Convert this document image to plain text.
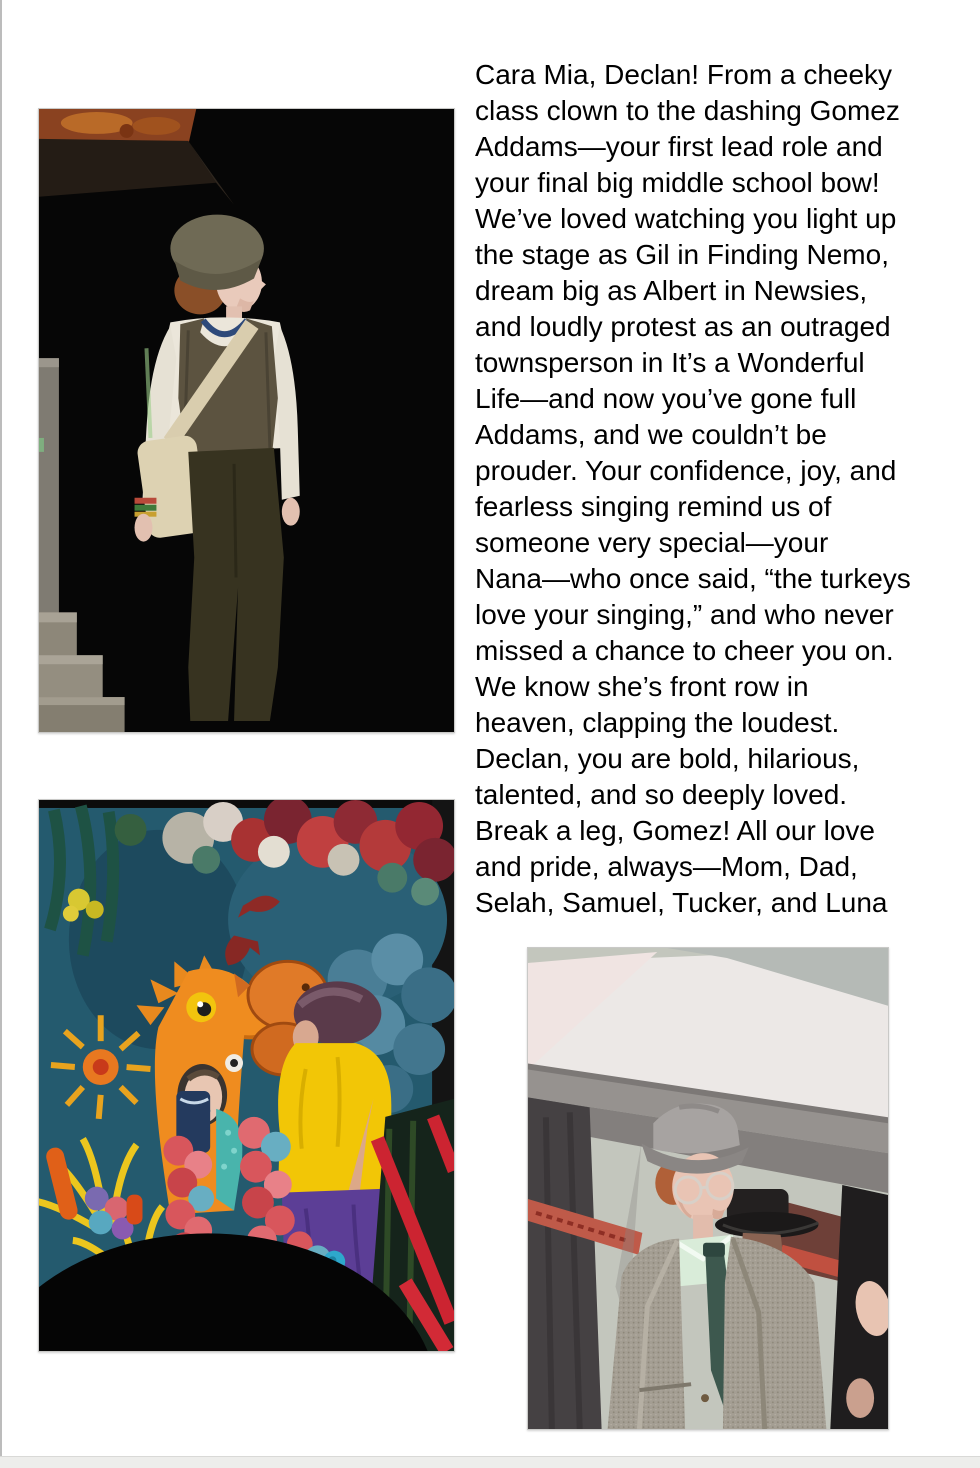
Cara Mia, Declan! From a cheeky
class clown to the dashing Gomez
Addams—your first lead role and
your final big middle school bow!
We’ve loved watching you light up
the stage as Gil in Finding Nemo,
dream big as Albert in Newsies,
and loudly protest as an outraged
townsperson in It’s a Wonderful
Life—and now you’ve gone full
Addams, and we couldn’t be
prouder. Your confidence, joy, and
fearless singing remind us of
someone very special—your
Nana—who once said, “the turkeys
love your singing,” and who never
missed a chance to cheer you on.
We know she’s front row in
heaven, clapping the loudest.
Declan, you are bold, hilarious,
talented, and so deeply loved.
Break a leg, Gomez! All our love
and pride, always—Mom, Dad,
Selah, Samuel, Tucker, and Luna
